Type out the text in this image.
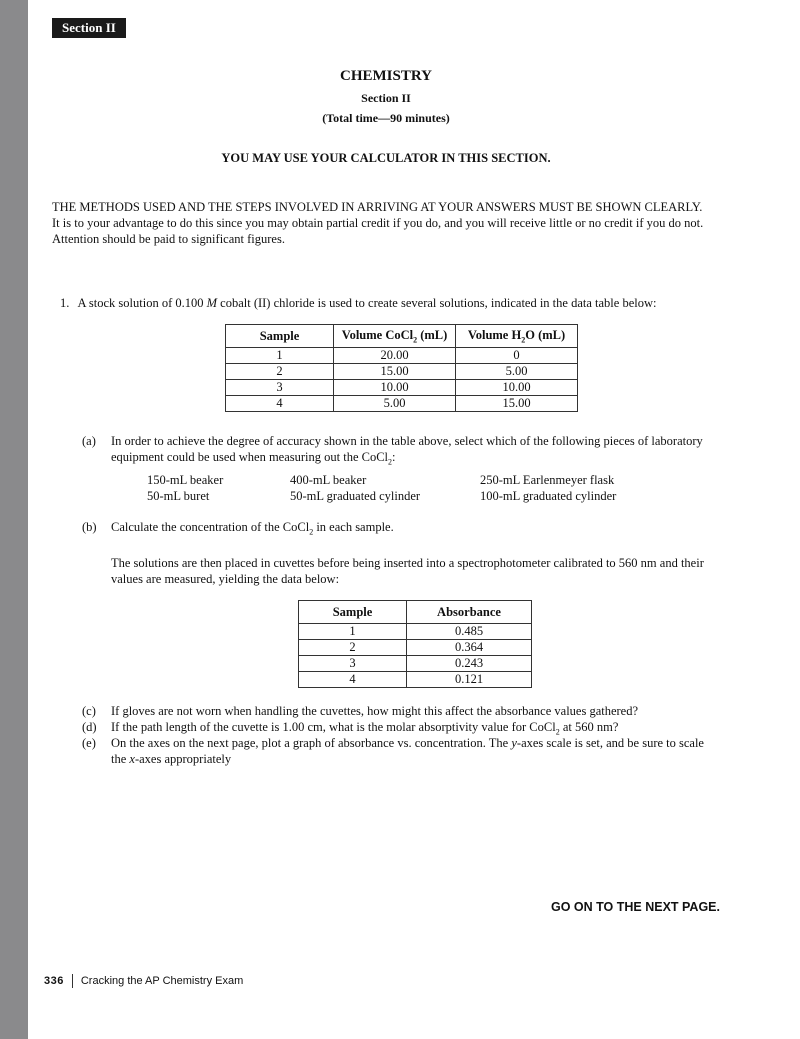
Section II
CHEMISTRY
Section II
(Total time—90 minutes)
YOU MAY USE YOUR CALCULATOR IN THIS SECTION.
THE METHODS USED AND THE STEPS INVOLVED IN ARRIVING AT YOUR ANSWERS MUST BE SHOWN CLEARLY.
It is to your advantage to do this since you may obtain partial credit if you do, and you will receive little or no credit if you do not.
Attention should be paid to significant figures.
1. A stock solution of 0.100 M cobalt (II) chloride is used to create several solutions, indicated in the data table below:
Sample	Volume CoCl$_2$ (mL)	Volume $H_2O$ (mL)
1	20.00	0
2	15.00	5.00
3	10.00	10.00
4	5.00	15.00
(a) In order to achieve the degree of accuracy shown in the table above, select which of the following pieces of laboratory
equipment could be used when measuring out the CoCl$_2$:
150-mL beaker	400-mL beaker	250-mL Earlenmeyer flask
50-mL buret	50-mL graduated cylinder	100-mL graduated cylinder
(b) Calculate the concentration of the CoCl$_2$ in each sample.
The solutions are then placed in cuvettes before being inserted into a spectrophotometer calibrated to 560 nm and their
values are measured, yielding the data below:
Sample	Absorbance
1	0.485
2	0.364
3	0.243
4	0.121
(c) If gloves are not worn when handling the cuvettes, how might this affect the absorbance values gathered?
(d) If the path length of the cuvette is 1.00 cm, what is the molar absorptivity value for CoCl$_2$ at 560 nm?
(e) On the axes on the next page, plot a graph of absorbance vs. concentration. The y-axes scale is set, and be sure to scale
the x-axes appropriately
GO ON TO THE NEXT PAGE.
336 Cracking the AP Chemistry Exam
